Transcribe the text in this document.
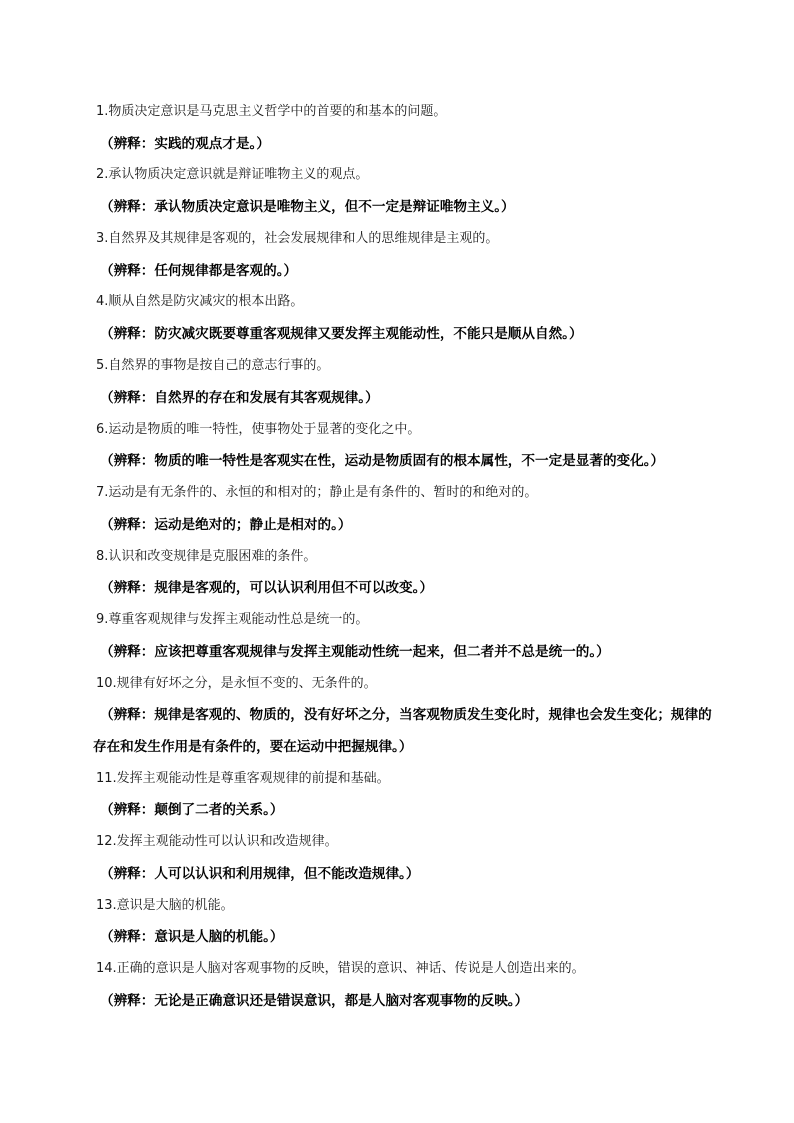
1.物质决定意识是马克思主义哲学中的首要的和基本的问题。
（辨释：实践的观点才是。）
2.承认物质决定意识就是辩证唯物主义的观点。
（辨释：承认物质决定意识是唯物主义，但不一定是辩证唯物主义。）
3.自然界及其规律是客观的，社会发展规律和人的思维规律是主观的。
（辨释：任何规律都是客观的。）
4.顺从自然是防灾减灾的根本出路。
（辨释：防灾减灾既要尊重客观规律又要发挥主观能动性，不能只是顺从自然。）
5.自然界的事物是按自己的意志行事的。
（辨释：自然界的存在和发展有其客观规律。）
6.运动是物质的唯一特性，使事物处于显著的变化之中。
（辨释：物质的唯一特性是客观实在性，运动是物质固有的根本属性，不一定是显著的变化。）
7.运动是有无条件的、永恒的和相对的；静止是有条件的、暂时的和绝对的。
（辨释：运动是绝对的；静止是相对的。）
8.认识和改变规律是克服困难的条件。
（辨释：规律是客观的，可以认识利用但不可以改变。）
9.尊重客观规律与发挥主观能动性总是统一的。
（辨释：应该把尊重客观规律与发挥主观能动性统一起来，但二者并不总是统一的。）
10.规律有好坏之分，是永恒不变的、无条件的。
（辨释：规律是客观的、物质的，没有好坏之分，当客观物质发生变化时，规律也会发生变化；规律的
存在和发生作用是有条件的，要在运动中把握规律。）
11.发挥主观能动性是尊重客观规律的前提和基础。
（辨释：颠倒了二者的关系。）
12.发挥主观能动性可以认识和改造规律。
（辨释：人可以认识和利用规律，但不能改造规律。）
13.意识是大脑的机能。
（辨释：意识是人脑的机能。）
14.正确的意识是人脑对客观事物的反映，错误的意识、神话、传说是人创造出来的。
（辨释：无论是正确意识还是错误意识，都是人脑对客观事物的反映。）
